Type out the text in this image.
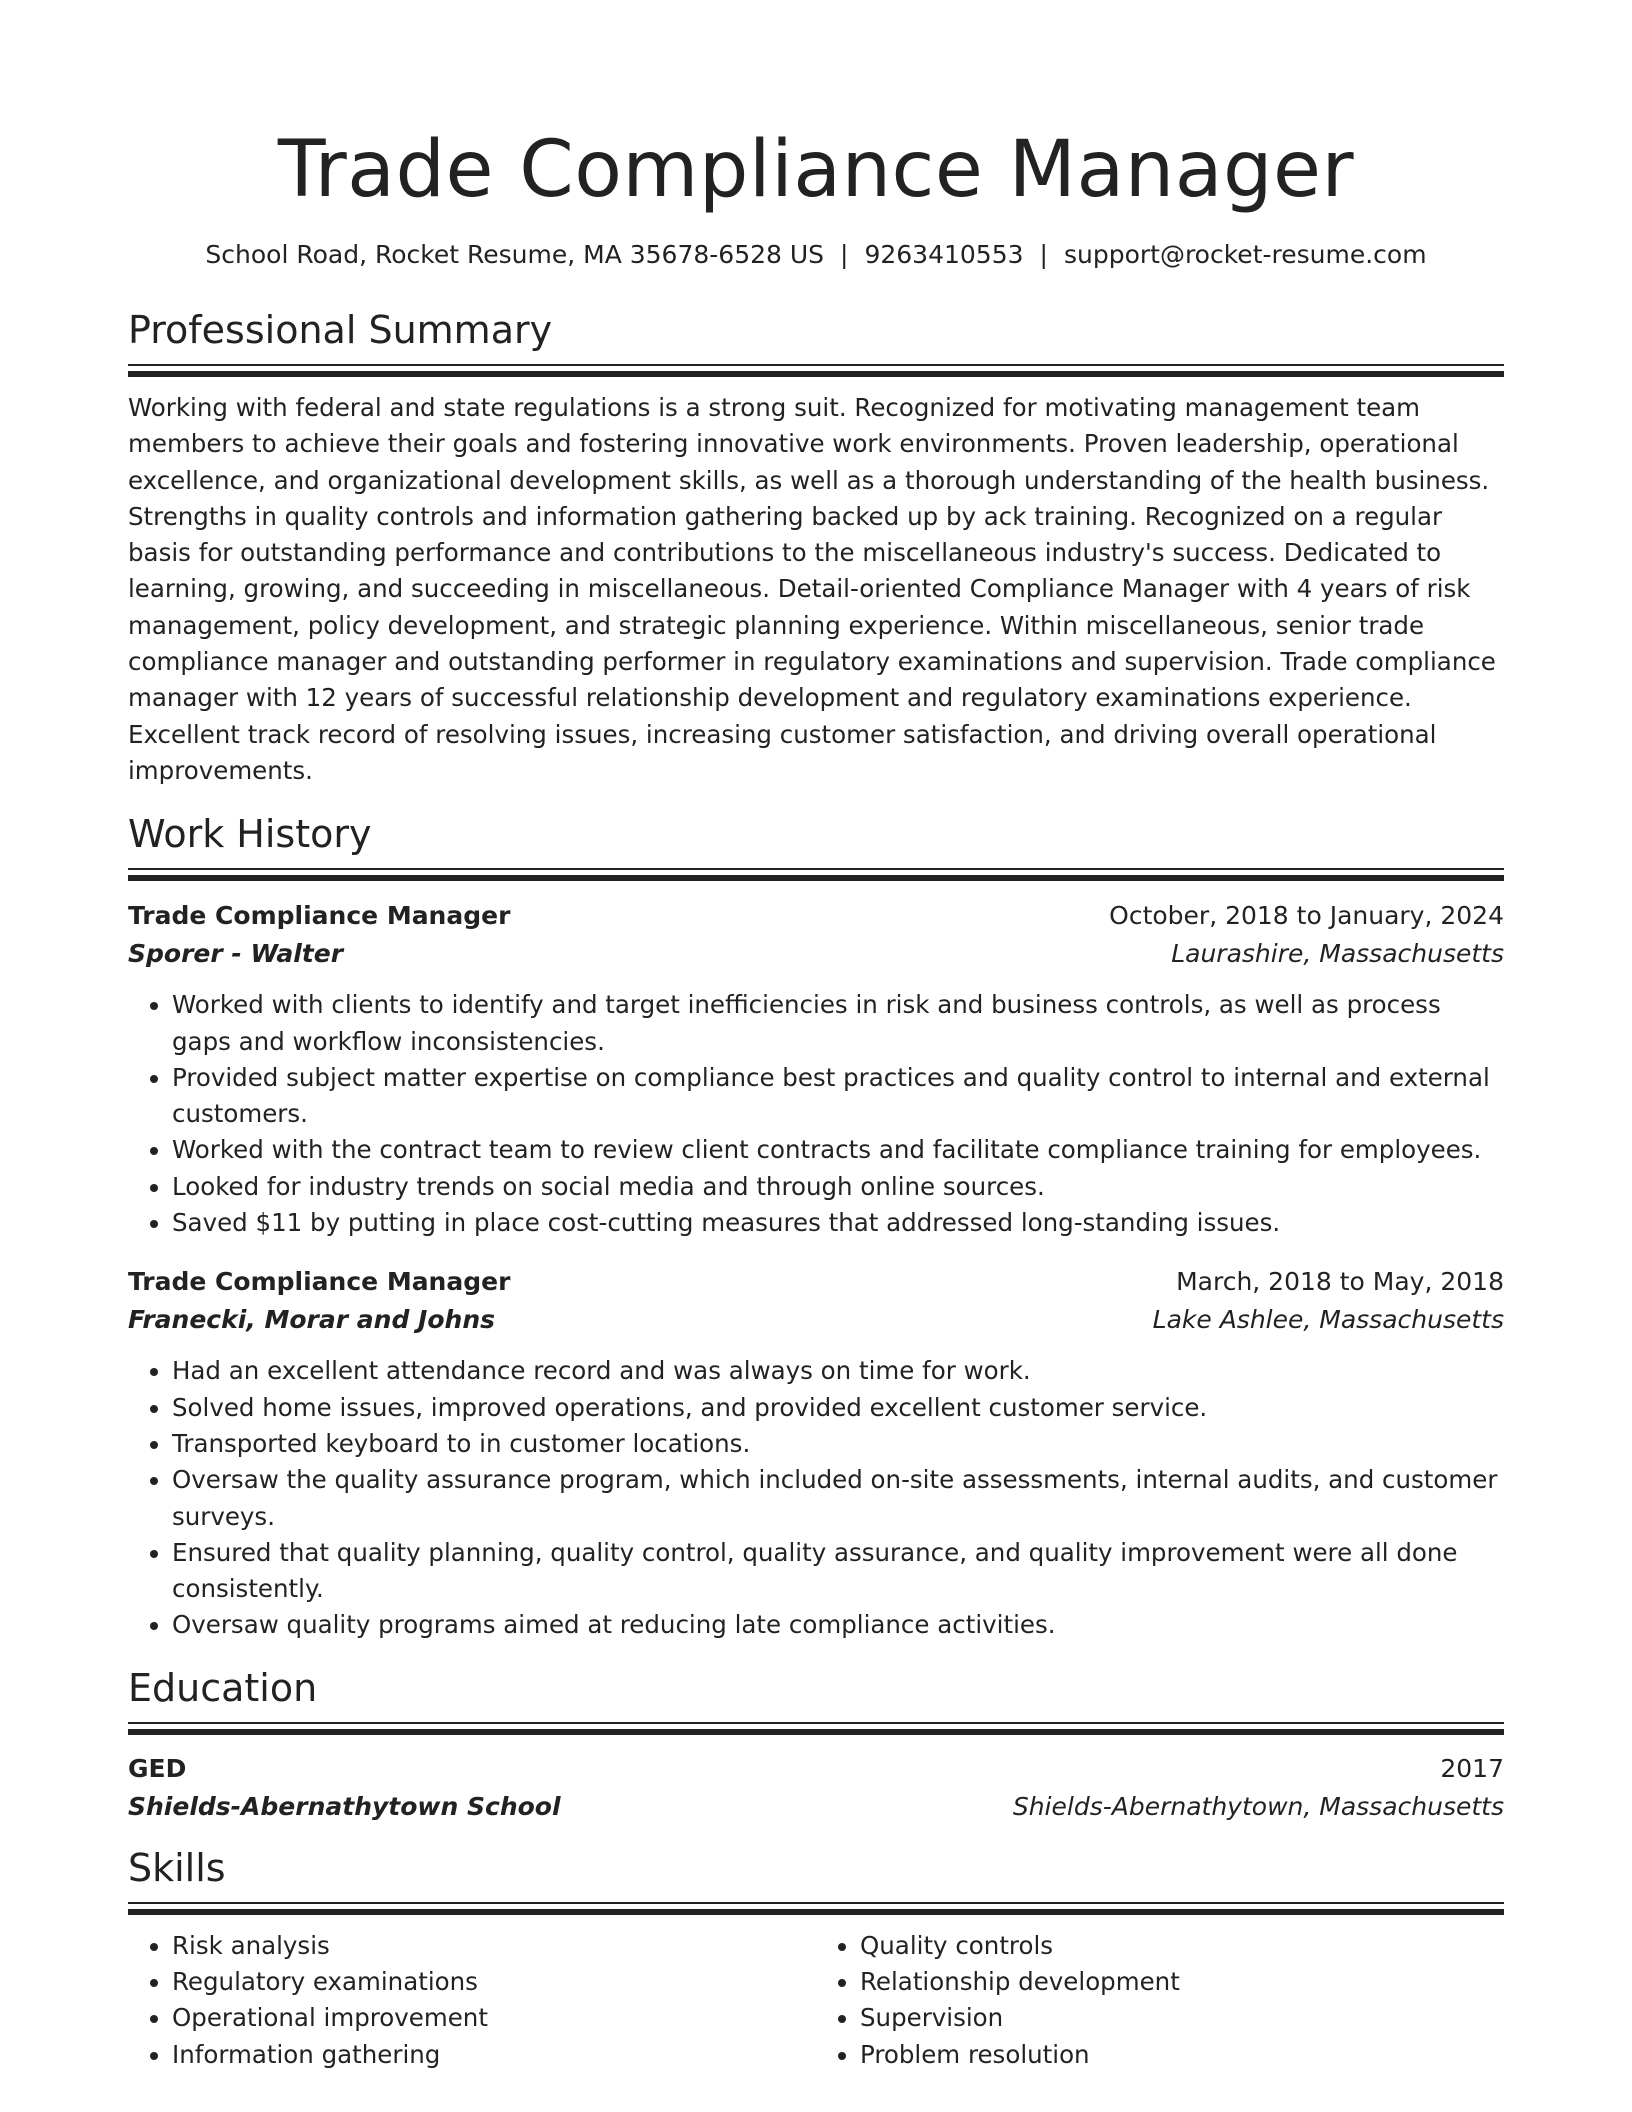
Trade Compliance Manager
School Road, Rocket Resume, MA 35678-6528 US | 9263410553 | support@rocket-resume.com
Professional Summary

Working with federal and state regulations is a strong suit. Recognized for motivating management team members to achieve their goals and fostering innovative work environments. Proven leadership, operational excellence, and organizational development skills, as well as a thorough understanding of the health business. Strengths in quality controls and information gathering backed up by ack training. Recognized on a regular basis for outstanding performance and contributions to the miscellaneous industry's success. Dedicated to learning, growing, and succeeding in miscellaneous. Detail-oriented Compliance Manager with 4 years of risk management, policy development, and strategic planning experience. Within miscellaneous, senior trade compliance manager and outstanding performer in regulatory examinations and supervision. Trade compliance manager with 12 years of successful relationship development and regulatory examinations experience. Excellent track record of resolving issues, increasing customer satisfaction, and driving overall operational improvements.

Work History
Trade Compliance Manager	October, 2018 to January, 2024
Sporer - Walter	Laurashire, Massachusetts
• Worked with clients to identify and target inefficiencies in risk and business controls, as well as process gaps and workflow inconsistencies.
• Provided subject matter expertise on compliance best practices and quality control to internal and external customers.
• Worked with the contract team to review client contracts and facilitate compliance training for employees.
• Looked for industry trends on social media and through online sources.
• Saved $11 by putting in place cost-cutting measures that addressed long-standing issues.
Trade Compliance Manager	March, 2018 to May, 2018
Franecki, Morar and Johns	Lake Ashlee, Massachusetts
• Had an excellent attendance record and was always on time for work.
• Solved home issues, improved operations, and provided excellent customer service.
• Transported keyboard to in customer locations.
• Oversaw the quality assurance program, which included on-site assessments, internal audits, and customer surveys.
• Ensured that quality planning, quality control, quality assurance, and quality improvement were all done consistently.
• Oversaw quality programs aimed at reducing late compliance activities.
Education
GED	2017
Shields-Abernathytown School	Shields-Abernathytown, Massachusetts
Skills
• Risk analysis
• Regulatory examinations
• Operational improvement
• Information gathering
• Quality controls
• Relationship development
• Supervision
• Problem resolution
